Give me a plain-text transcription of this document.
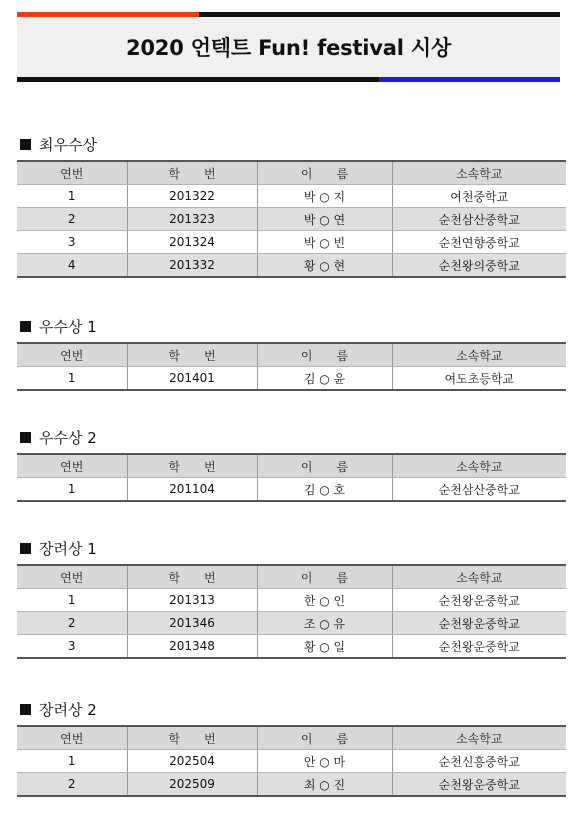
2020 언텍트 Fun! festival 시상
최우수상
연번	학　　번	이　　름	소속학교
1	201322	박 ○ 지	여천중학교
2	201323	박 ○ 연	순천삼산중학교
3	201324	박 ○ 빈	순천연향중학교
4	201332	황 ○ 현	순천왕의중학교
우수상 1
연번	학　　번	이　　름	소속학교
1	201401	김 ○ 윤	여도초등학교
우수상 2
연번	학　　번	이　　름	소속학교
1	201104	김 ○ 호	순천삼산중학교
장려상 1
연번	학　　번	이　　름	소속학교
1	201313	한 ○ 인	순천왕운중학교
2	201346	조 ○ 유	순천왕운중학교
3	201348	황 ○ 일	순천왕운중학교
장려상 2
연번	학　　번	이　　름	소속학교
1	202504	안 ○ 마	순천신흥중학교
2	202509	최 ○ 진	순천왕운중학교
